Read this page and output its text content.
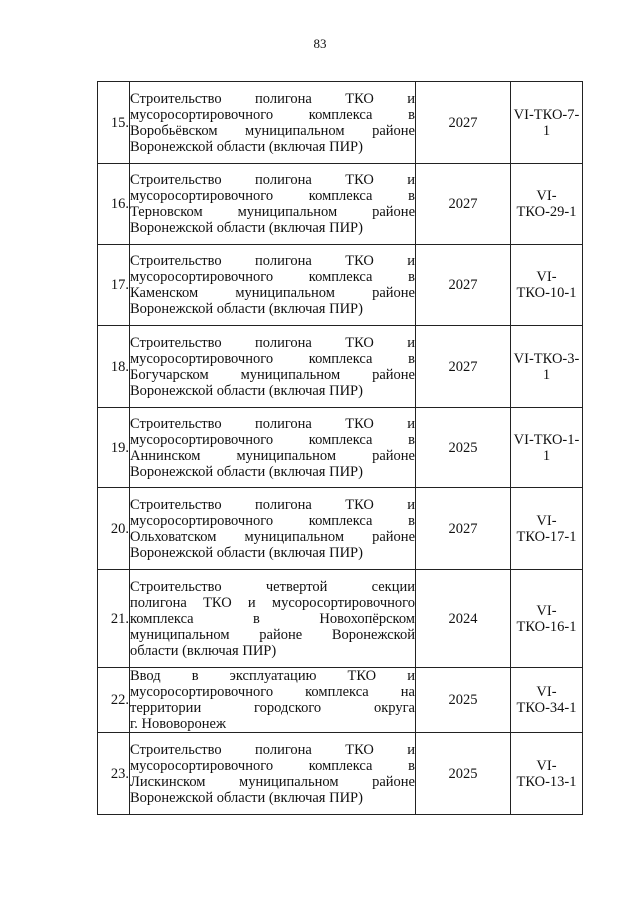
83
15.	Строительство полигона ТКО и
мусоросортировочного комплекса в
Воробьёвском муниципальном районе
Воронежской области (включая ПИР)	2027	VI-ТКО-7-1
16.	Строительство полигона ТКО и
мусоросортировочного комплекса в
Терновском муниципальном районе
Воронежской области (включая ПИР)	2027	VI-ТКО-29-1
17.	Строительство полигона ТКО и
мусоросортировочного комплекса в
Каменском муниципальном районе
Воронежской области (включая ПИР)	2027	VI-ТКО-10-1
18.	Строительство полигона ТКО и
мусоросортировочного комплекса в
Богучарском муниципальном районе
Воронежской области (включая ПИР)	2027	VI-ТКО-3-1
19.	Строительство полигона ТКО и
мусоросортировочного комплекса в
Аннинском муниципальном районе
Воронежской области (включая ПИР)	2025	VI-ТКО-1-1
20.	Строительство полигона ТКО и
мусоросортировочного комплекса в
Ольховатском муниципальном районе
Воронежской области (включая ПИР)	2027	VI-ТКО-17-1
21.	Строительство четвертой секции
полигона ТКО и мусоросортировочного
комплекса в Новохопёрском
муниципальном районе Воронежской
области (включая ПИР)	2024	VI-ТКО-16-1
22.	Ввод в эксплуатацию ТКО и
мусоросортировочного комплекса на
территории городского округа
г. Нововоронеж	2025	VI-ТКО-34-1
23.	Строительство полигона ТКО и
мусоросортировочного комплекса в
Лискинском муниципальном районе
Воронежской области (включая ПИР)	2025	VI-ТКО-13-1
